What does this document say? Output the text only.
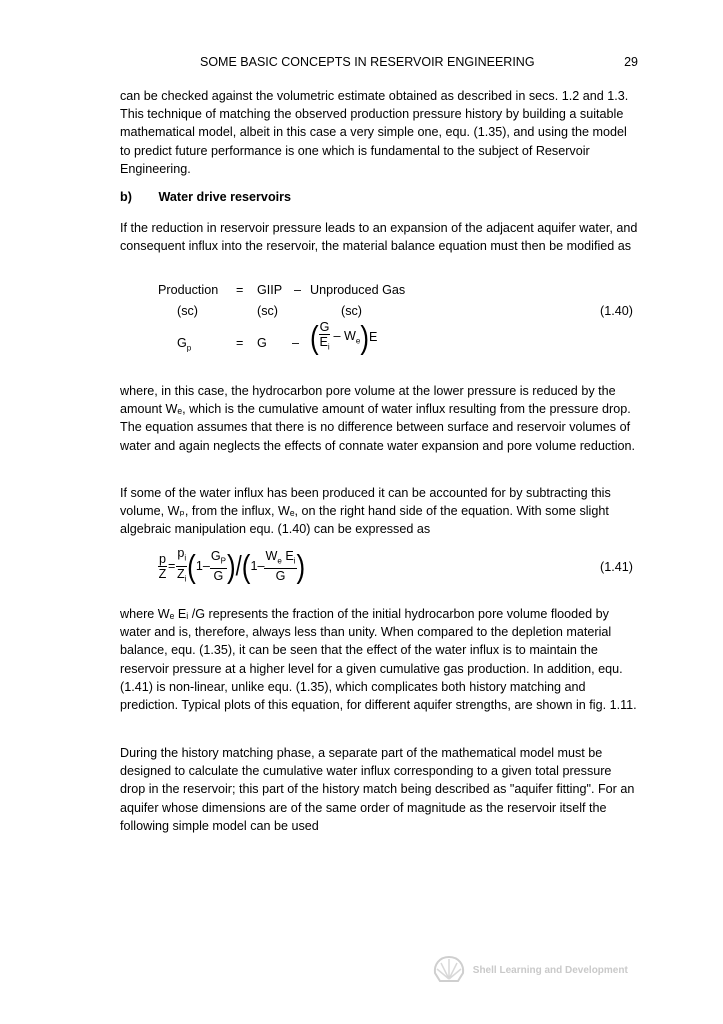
SOME BASIC CONCEPTS IN RESERVOIR ENGINEERING	29

can be checked against the volumetric estimate obtained as described in secs. 1.2 and 1.3. This technique of matching the observed production pressure history by building a suitable mathematical model, albeit in this case a very simple one, equ. (1.35), and using the model to predict future performance is one which is fundamental to the subject of Reservoir Engineering.

b) Water drive reservoirs

If the reduction in reservoir pressure leads to an expansion of the adjacent aquifer water, and consequent influx into the reservoir, the material balance equation must then be modified as

Production = GIIP – Unproduced Gas
(sc)	(sc)	(sc)	(1.40)
$G_p$	= G – ( $\frac{G}{E_i} - W_e$ ) E

where, in this case, the hydrocarbon pore volume at the lower pressure is reduced by the amount Wₑ, which is the cumulative amount of water influx resulting from the pressure drop. The equation assumes that there is no difference between surface and reservoir volumes of water and again neglects the effects of connate water expansion and pore volume reduction.

If some of the water influx has been produced it can be accounted for by subtracting this volume, Wₚ, from the influx, Wₑ, on the right hand side of the equation. With some slight algebraic manipulation equ. (1.40) can be expressed as

$\frac{p}{Z} = \frac{p_i}{Z_i}$ ( $1- \frac{G_P}{G}$ ) / ( $1- \frac{W_e E_i}{G}$ )	(1.41)

where Wₑ Eᵢ /G represents the fraction of the initial hydrocarbon pore volume flooded by water and is, therefore, always less than unity. When compared to the depletion material balance, equ. (1.35), it can be seen that the effect of the water influx is to maintain the reservoir pressure at a higher level for a given cumulative gas production. In addition, equ. (1.41) is non-linear, unlike equ. (1.35), which complicates both history matching and prediction. Typical plots of this equation, for different aquifer strengths, are shown in fig. 1.11.

During the history matching phase, a separate part of the mathematical model must be designed to calculate the cumulative water influx corresponding to a given total pressure drop in the reservoir; this part of the history match being described as "aquifer fitting". For an aquifer whose dimensions are of the same order of magnitude as the reservoir itself the following simple model can be used

Shell Learning and Development
